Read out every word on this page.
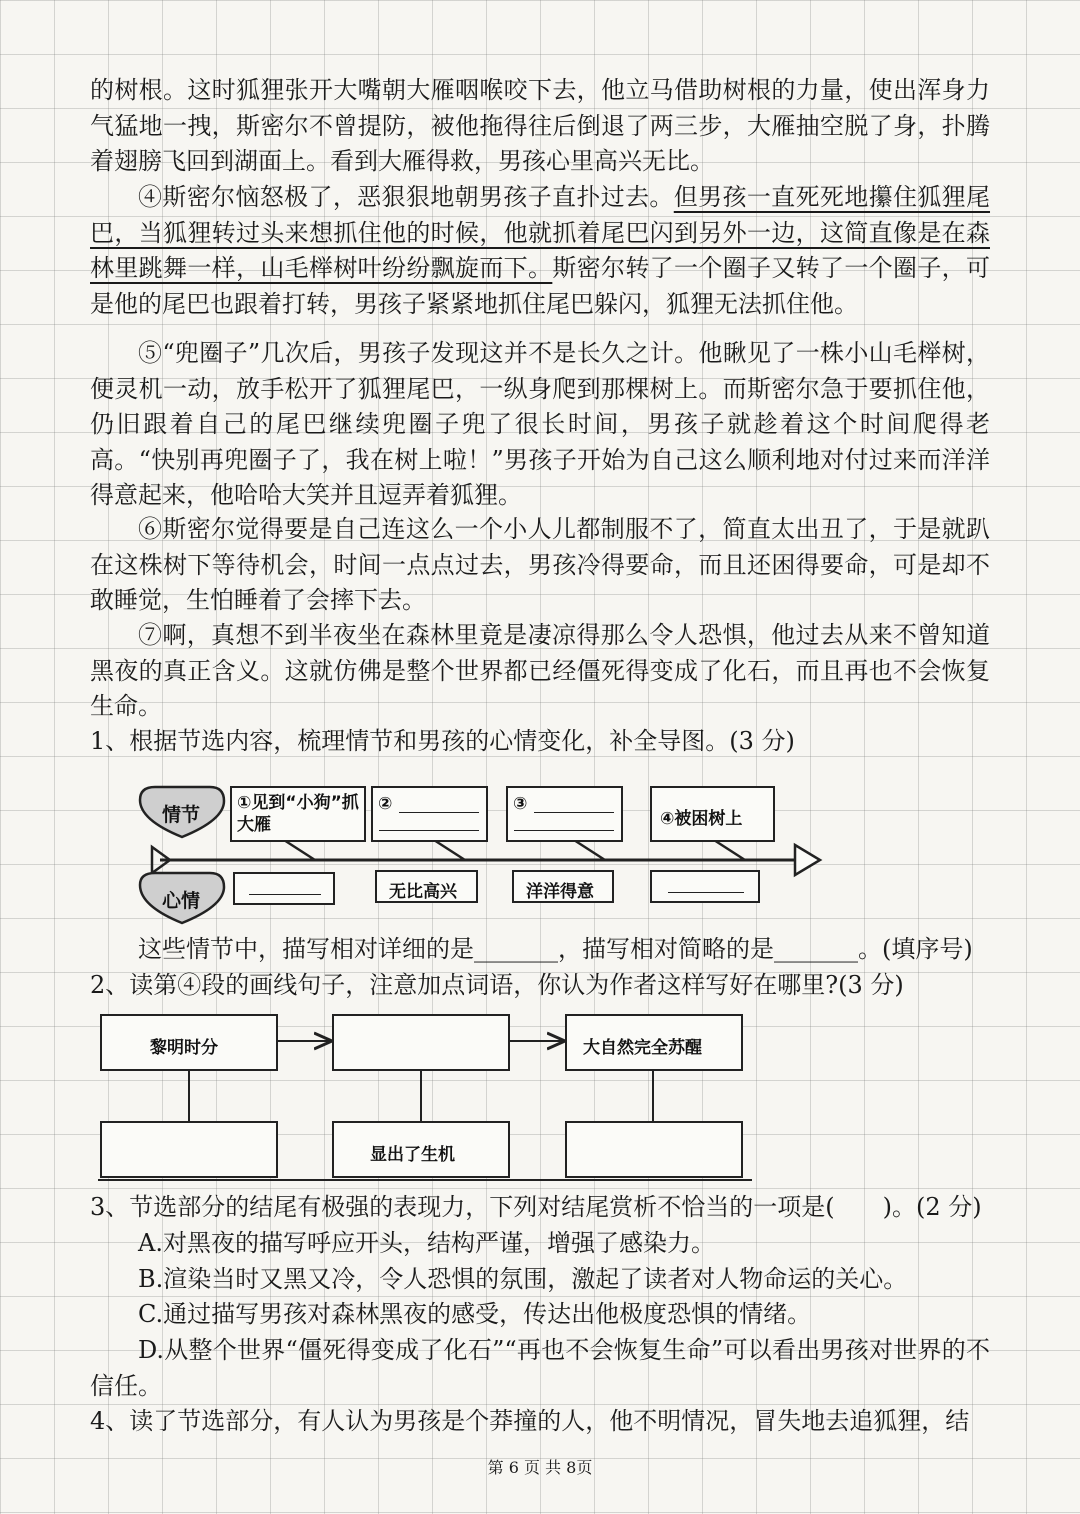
的树根。这时狐狸张开大嘴朝大雁咽喉咬下去，他立马借助树根的力量，使出浑身力气猛地一拽，斯密尔不曾提防，被他拖得往后倒退了两三步，大雁抽空脱了身，扑腾着翅膀飞回到湖面上。看到大雁得救，男孩心里高兴无比。

④斯密尔恼怒极了，恶狠狠地朝男孩子直扑过去。但男孩一直死死地攥住狐狸尾巴，当狐狸转过头来想抓住他的时候，他就抓着尾巴闪到另外一边，这简直像是在森林里跳舞一样，山毛榉树叶纷纷飘旋而下。斯密尔转了一个圈子又转了一个圈子，可是他的尾巴也跟着打转，男孩子紧紧地抓住尾巴躲闪，狐狸无法抓住他。

⑤“兜圈子”几次后，男孩子发现这并不是长久之计。他瞅见了一株小山毛榉树，便灵机一动，放手松开了狐狸尾巴，一纵身爬到那棵树上。而斯密尔急于要抓住他，仍旧跟着自己的尾巴继续兜圈子兜了很长时间，男孩子就趁着这个时间爬得老高。“快别再兜圈子了，我在树上啦！”男孩子开始为自己这么顺利地对付过来而洋洋得意起来，他哈哈大笑并且逗弄着狐狸。

⑥斯密尔觉得要是自己连这么一个小人儿都制服不了，简直太出丑了，于是就趴在这株树下等待机会，时间一点点过去，男孩冷得要命，而且还困得要命，可是却不敢睡觉，生怕睡着了会摔下去。

⑦啊，真想不到半夜坐在森林里竟是凄凉得那么令人恐惧，他过去从来不曾知道黑夜的真正含义。这就仿佛是整个世界都已经僵死得变成了化石，而且再也不会恢复生命。

1、根据节选内容，梳理情节和男孩的心情变化，补全导图。(3 分)

情节
心情
①见到“小狗”抓大雁
②	③
④被困树上
无比高兴	洋洋得意

这些情节中，描写相对详细的是_______，描写相对简略的是_______。(填序号)

2、读第④段的画线句子，注意加点词语，你认为作者这样写好在哪里?(3 分)

黎明时分	大自然完全苏醒
显出了生机

3、节选部分的结尾有极强的表现力，下列对结尾赏析不恰当的一项是(　　)。(2 分)

A.对黑夜的描写呼应开头，结构严谨，增强了感染力。

B.渲染当时又黑又冷，令人恐惧的氛围，激起了读者对人物命运的关心。

C.通过描写男孩对森林黑夜的感受，传达出他极度恐惧的情绪。

D.从整个世界“僵死得变成了化石”“再也不会恢复生命”可以看出男孩对世界的不信任。

4、读了节选部分，有人认为男孩是个莽撞的人，他不明情况，冒失地去追狐狸，结

第 6 页 共 8页
